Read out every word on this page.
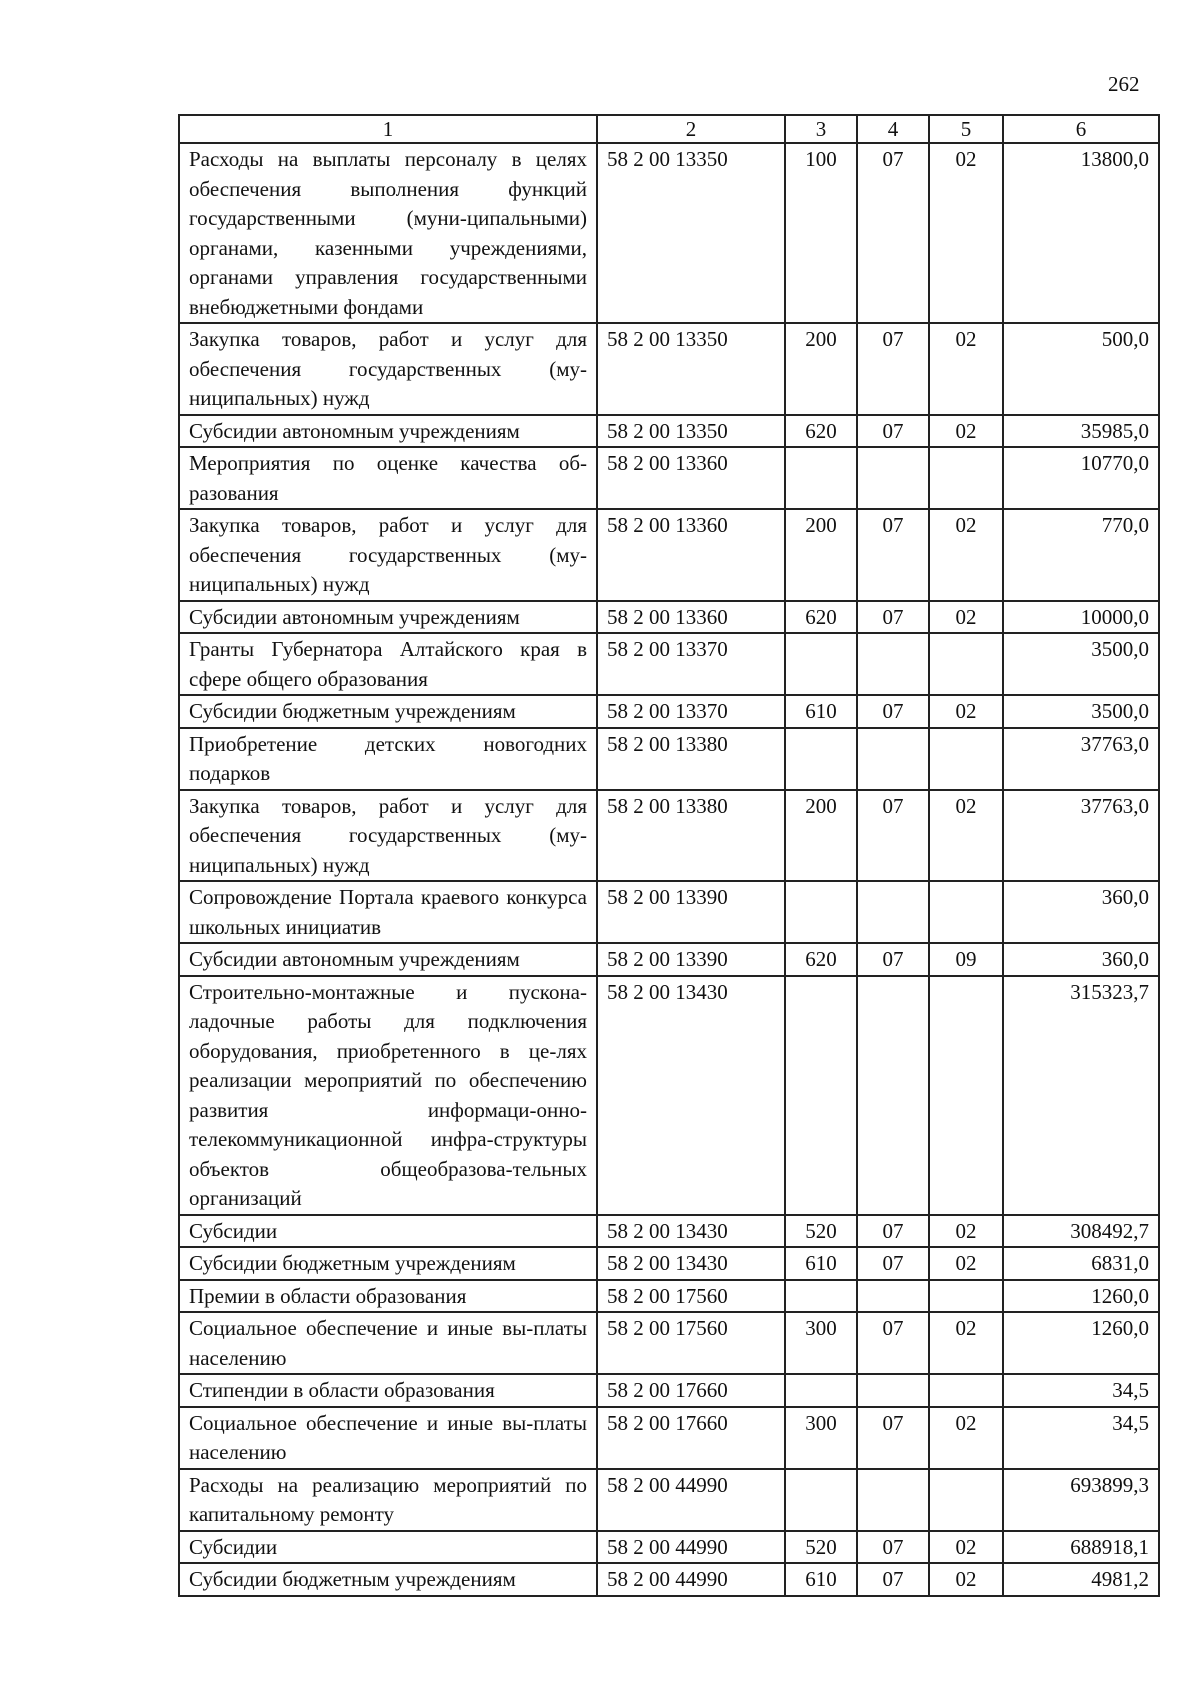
262
1	2	3	4	5	6
Расходы на выплаты персоналу в целях обеспечения выполнения функций государственными (муни-ципальными) органами, казенными учреждениями, органами управления государственными внебюджетными фондами	58 2 00 13350	100	07	02	13800,0
Закупка товаров, работ и услуг для обеспечения государственных (му-ниципальных) нужд	58 2 00 13350	200	07	02	500,0
Субсидии автономным учреждениям	58 2 00 13350	620	07	02	35985,0
Мероприятия по оценке качества об-разования	58 2 00 13360				10770,0
Закупка товаров, работ и услуг для обеспечения государственных (му-ниципальных) нужд	58 2 00 13360	200	07	02	770,0
Субсидии автономным учреждениям	58 2 00 13360	620	07	02	10000,0
Гранты Губернатора Алтайского края в сфере общего образования	58 2 00 13370				3500,0
Субсидии бюджетным учреждениям	58 2 00 13370	610	07	02	3500,0
Приобретение детских новогодних подарков	58 2 00 13380				37763,0
Закупка товаров, работ и услуг для обеспечения государственных (му-ниципальных) нужд	58 2 00 13380	200	07	02	37763,0
Сопровождение Портала краевого конкурса школьных инициатив	58 2 00 13390				360,0
Субсидии автономным учреждениям	58 2 00 13390	620	07	09	360,0
Строительно-монтажные и пускона-ладочные работы для подключения оборудования, приобретенного в це-лях реализации мероприятий по обеспечению развития информаци-онно-телекоммуникационной инфра-структуры объектов общеобразова-тельных организаций	58 2 00 13430				315323,7
Субсидии	58 2 00 13430	520	07	02	308492,7
Субсидии бюджетным учреждениям	58 2 00 13430	610	07	02	6831,0
Премии в области образования	58 2 00 17560				1260,0
Социальное обеспечение и иные вы-платы населению	58 2 00 17560	300	07	02	1260,0
Стипендии в области образования	58 2 00 17660				34,5
Социальное обеспечение и иные вы-платы населению	58 2 00 17660	300	07	02	34,5
Расходы на реализацию мероприятий по капитальному ремонту	58 2 00 44990				693899,3
Субсидии	58 2 00 44990	520	07	02	688918,1
Субсидии бюджетным учреждениям	58 2 00 44990	610	07	02	4981,2
